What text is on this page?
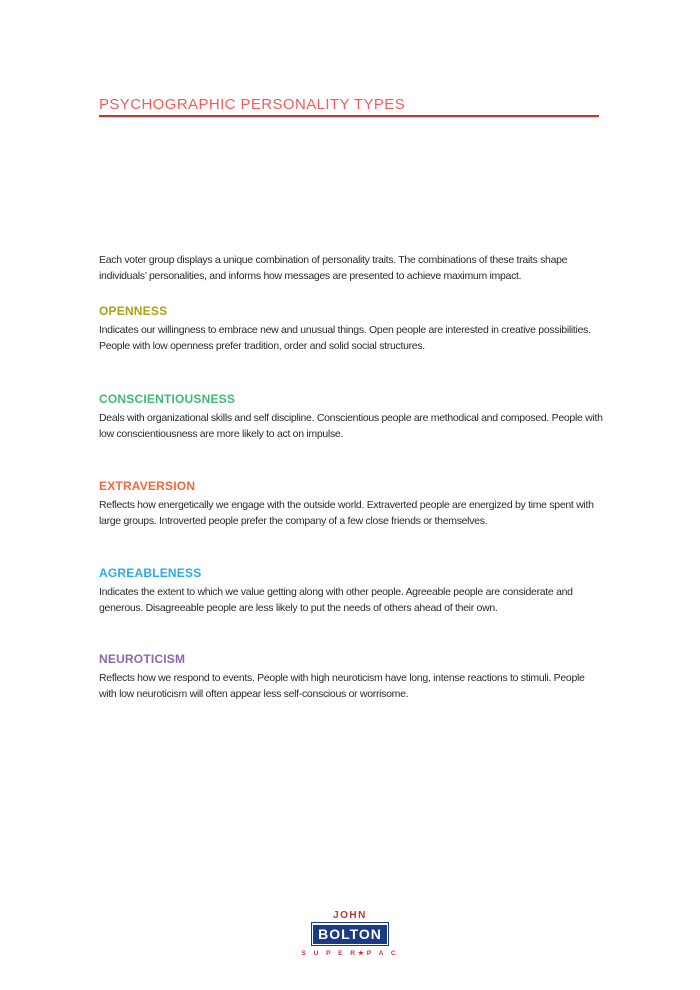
PSYCHOGRAPHIC PERSONALITY TYPES

Each voter group displays a unique combination of personality traits. The combinations of these traits shape individuals’ personalities, and informs how messages are presented to achieve maximum impact.

OPENNESS

Indicates our willingness to embrace new and unusual things. Open people are interested in creative possibilities. People with low openness prefer tradition, order and solid social structures.

CONSCIENTIOUSNESS

Deals with organizational skills and self discipline. Conscientious people are methodical and composed. People with low conscientiousness are more likely to act on impulse.

EXTRAVERSION

Reflects how energetically we engage with the outside world. Extraverted people are energized by time spent with large groups. Introverted people prefer the company of a few close friends or themselves.

AGREABLENESS

Indicates the extent to which we value getting along with other people. Agreeable people are considerate and generous. Disagreeable people are less likely to put the needs of others ahead of their own.

NEUROTICISM

Reflects how we respond to events. People with high neuroticism have long, intense reactions to stimuli. People with low neuroticism will often appear less self-conscious or worrisome.

JOHN
BOLTON
S U P E R★P A C
